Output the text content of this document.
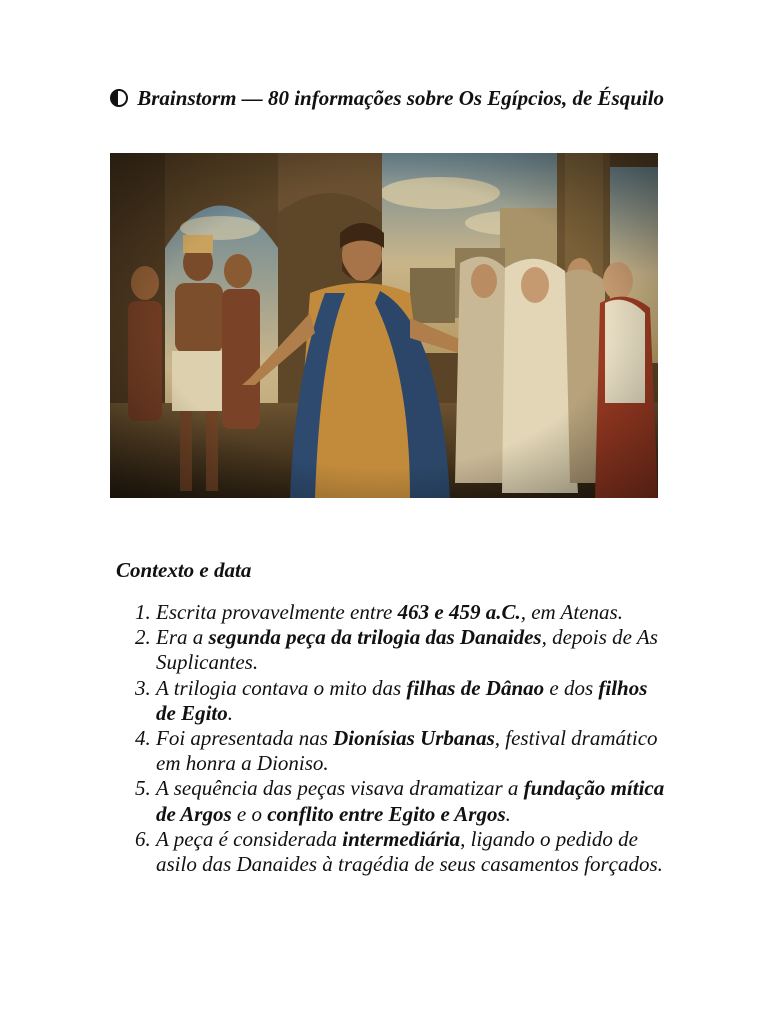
Brainstorm — 80 informações sobre Os Egípcios, de Ésquilo
Contexto e data
1. Escrita provavelmente entre 463 e 459 a.C., em Atenas.
2. Era a segunda peça da trilogia das Danaides, depois de As Suplicantes.
3. A trilogia contava o mito das filhas de Dânao e dos filhos de Egito.
4. Foi apresentada nas Dionísias Urbanas, festival dramático em honra a Dioniso.
5. A sequência das peças visava dramatizar a fundação mítica de Argos e o conflito entre Egito e Argos.
6. A peça é considerada intermediária, ligando o pedido de asilo das Danaides à tragédia de seus casamentos forçados.
